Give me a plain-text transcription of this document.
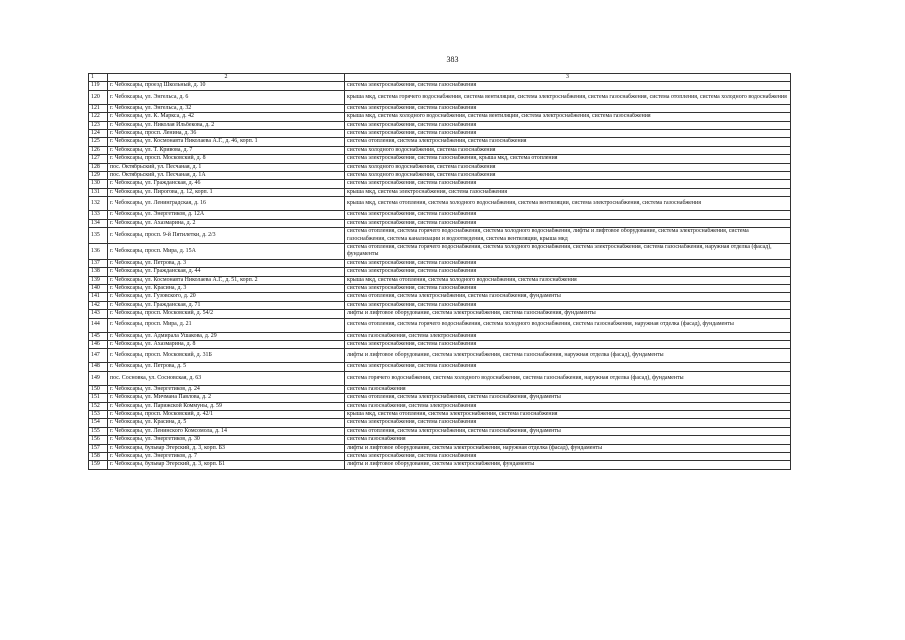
383
1	2	3
119	г. Чебоксары, проезд Школьный, д. 10	система электроснабжения, система газоснабжения
120	г. Чебоксары, ул. Энгельса, д. 6	крыша мкд, система горячего водоснабжения, система вентиляции, система электроснабжения, система газоснабжения, система отопления, система холодного водоснабжения
121	г. Чебоксары, ул. Энгельса, д. 32	система электроснабжения, система газоснабжения
122	г. Чебоксары, ул. К. Маркса, д. 42	крыша мкд, система холодного водоснабжения, система вентиляции, система электроснабжения, система газоснабжения
123	г. Чебоксары, ул. Николая Ильбекова, д. 2	система электроснабжения, система газоснабжения
124	г. Чебоксары, просп. Ленина, д. 36	система электроснабжения, система газоснабжения
125	г. Чебоксары, ул. Космонавта Николаева А.Г., д. 46, корп. 1	система отопления, система электроснабжения, система газоснабжения
126	г. Чебоксары, ул. Т. Кривова, д. 7	система холодного водоснабжения, система газоснабжения
127	г. Чебоксары, просп. Московский, д. 8	система электроснабжения, система газоснабжения, крыша мкд, система отопления
128	пос. Октябрьский, ул. Песчаная, д. 1	система холодного водоснабжения, система газоснабжения
129	пос. Октябрьский, ул. Песчаная, д. 1А	система холодного водоснабжения, система газоснабжения
130	г. Чебоксары, ул. Гражданская, д. 46	система электроснабжения, система газоснабжения
131	г. Чебоксары, ул. Пирогова, д. 12, корп. 1	крыша мкд, система электроснабжения, система газоснабжения
132	г. Чебоксары, ул. Ленинградская, д. 16	крыша мкд, система отопления, система холодного водоснабжения, система вентиляции, система электроснабжения, система газоснабжения
133	г. Чебоксары, ул. Энергетиков, д. 12А	система электроснабжения, система газоснабжения
134	г. Чебоксары, ул. Ахазмарина, д. 2	система электроснабжения, система газоснабжения
135	г. Чебоксары, просп. 9-й Пятилетки, д. 2/3	система отопления, система горячего водоснабжения, система холодного водоснабжения, лифты и лифтовое оборудование, система электроснабжения, система газоснабжения, система канализации и водоотведения, система вентиляции, крыша мкд
136	г. Чебоксары, просп. Мира, д. 15А	система отопления, система горячего водоснабжения, система холодного водоснабжения, система электроснабжения, система газоснабжения, наружная отделка (фасад), фундаменты
137	г. Чебоксары, ул. Петрова, д. 3	система электроснабжения, система газоснабжения
138	г. Чебоксары, ул. Гражданская, д. 44	система электроснабжения, система газоснабжения
139	г. Чебоксары, ул. Космонавта Николаева А.Г., д. 51, корп. 2	крыша мкд, система отопления, система холодного водоснабжения, система газоснабжения
140	г. Чебоксары, ул. Красина, д. 3	система электроснабжения, система газоснабжения
141	г. Чебоксары, ул. Гузовского, д. 20	система отопления, система электроснабжения, система газоснабжения, фундаменты
142	г. Чебоксары, ул. Гражданская, д. 71	система электроснабжения, система газоснабжения
143	г. Чебоксары, просп. Московский, д. 54/2	лифты и лифтовое оборудование, система электроснабжения, система газоснабжения, фундаменты
144	г. Чебоксары, просп. Мира, д. 21	система отопления, система горячего водоснабжения, система холодного водоснабжения, система газоснабжения, наружная отделка (фасад), фундаменты
145	г. Чебоксары, ул. Адмирала Ушакова, д. 29	система газоснабжения, система электроснабжения
146	г. Чебоксары, ул. Ахазмарина, д. 8	система электроснабжения, система газоснабжения
147	г. Чебоксары, просп. Московский, д. 31Б	лифты и лифтовое оборудование, система электроснабжения, система газоснабжения, наружная отделка (фасад), фундаменты
148	г. Чебоксары, ул. Петрова, д. 5	система электроснабжения, система газоснабжения
149	пос. Сосновка, ул. Сосновская, д. 63	система горячего водоснабжения, система холодного водоснабжения, система газоснабжения, наружная отделка (фасад), фундаменты
150	г. Чебоксары, ул. Энергетиков, д. 24	система газоснабжения
151	г. Чебоксары, ул. Мичмана Павлова, д. 2	система отопления, система электроснабжения, система газоснабжения, фундаменты
152	г. Чебоксары, ул. Парижской Коммуны, д. 59	система газоснабжения, система электроснабжения
153	г. Чебоксары, просп. Московский, д. 42/1	крыша мкд, система отопления, система электроснабжения, система газоснабжения
154	г. Чебоксары, ул. Красина, д. 5	система электроснабжения, система газоснабжения
155	г. Чебоксары, ул. Ленинского Комсомола, д. 14	система отопления, система электроснабжения, система газоснабжения, фундаменты
156	г. Чебоксары, ул. Энергетиков, д. 30	система газоснабжения
157	г. Чебоксары, бульвар Эгерский, д. 3, корп. Б3	лифты и лифтовое оборудование, система электроснабжения, наружная отделка (фасад), фундаменты
158	г. Чебоксары, ул. Энергетиков, д. 7	система электроснабжения, система газоснабжения
159	г. Чебоксары, бульвар Эгерский, д. 3, корп. Б1	лифты и лифтовое оборудование, система электроснабжения, фундаменты
